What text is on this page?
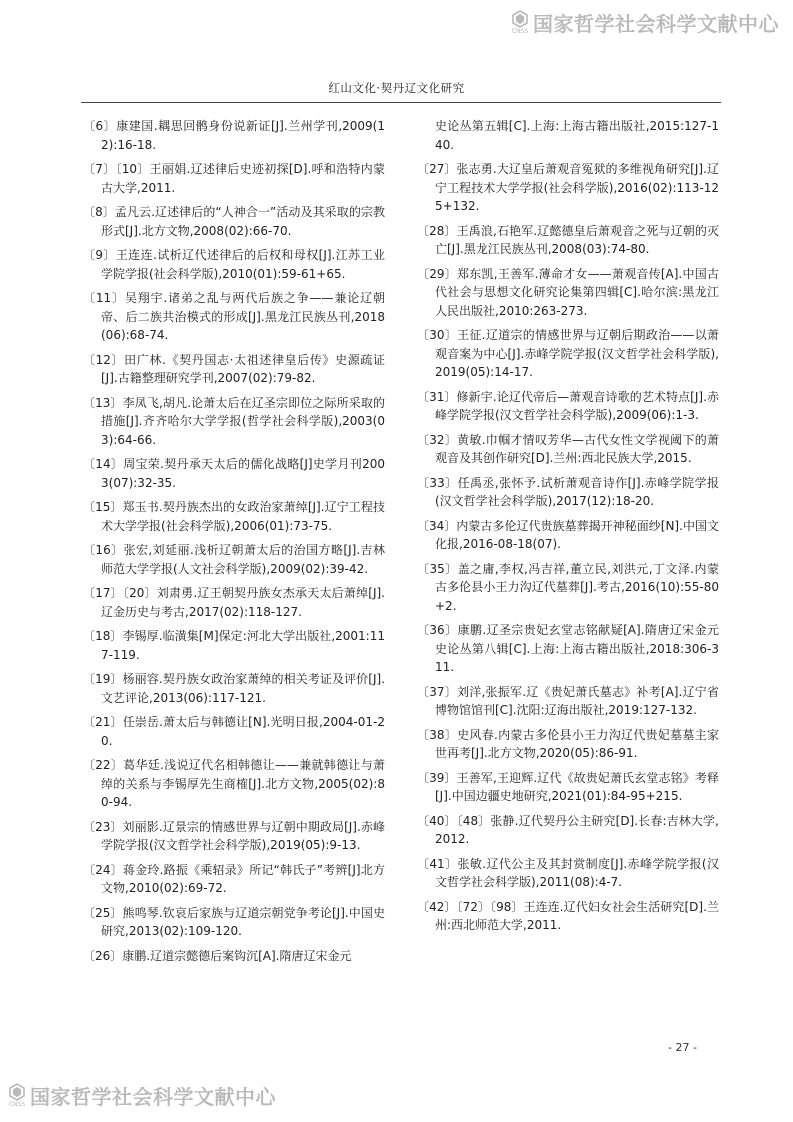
CNSS 国家哲学社会科学文献中心
红山文化·契丹辽文化研究

〔6〕康建国.耦思回鹘身份说新证[J].兰州学刊,2009(12):16-18.

〔7〕〔10〕王丽娟.辽述律后史迹初探[D].呼和浩特内蒙古大学,2011.

〔8〕孟凡云.辽述律后的“人神合一”活动及其采取的宗教形式[J].北方文物,2008(02):66-70.

〔9〕王连连.试析辽代述律后的后权和母权[J].江苏工业学院学报(社会科学版),2010(01):59-61+65.

〔11〕吴翔宇.诸弟之乱与两代后族之争——兼论辽朝帝、后二族共治模式的形成[J].黑龙江民族丛刊,2018(06):68-74.

〔12〕田广林.《契丹国志·太祖述律皇后传》史源疏证[J].古籍整理研究学刊,2007(02):79-82.

〔13〕李凤飞,胡凡.论萧太后在辽圣宗即位之际所采取的措施[J].齐齐哈尔大学学报(哲学社会科学版),2003(03):64-66.

〔14〕周宝荣.契丹承天太后的儒化战略[J]史学月刊2003(07):32-35.

〔15〕郑玉书.契丹族杰出的女政治家萧绰[J].辽宁工程技术大学学报(社会科学版),2006(01):73-75.

〔16〕张宏,刘延丽.浅析辽朝萧太后的治国方略[J].吉林师范大学学报(人文社会科学版),2009(02):39-42.

〔17〕〔20〕刘肃勇.辽王朝契丹族女杰承天太后萧绰[J].辽金历史与考古,2017(02):118-127.

〔18〕李锡厚.临潢集[M]保定:河北大学出版社,2001:117-119.

〔19〕杨丽容.契丹族女政治家萧绰的相关考证及评价[J].文艺评论,2013(06):117-121.

〔21〕任崇岳.萧太后与韩德让[N].光明日报,2004-01-20.

〔22〕葛华廷.浅说辽代名相韩德让——兼就韩德让与萧绰的关系与李锡厚先生商榷[J].北方文物,2005(02):80-94.

〔23〕刘丽影.辽景宗的情感世界与辽朝中期政局[J].赤峰学院学报(汉文哲学社会科学版),2019(05):9-13.

〔24〕蒋金玲.路振《乘轺录》所记“韩氏子”考辨[J]北方文物,2010(02):69-72.

〔25〕熊鸣琴.钦哀后家族与辽道宗朝党争考论[J].中国史研究,2013(02):109-120.

〔26〕康鹏.辽道宗懿德后案钩沉[A].隋唐辽宋金元

史论丛第五辑[C].上海:上海古籍出版社,2015:127-140.

〔27〕张志勇.大辽皇后萧观音冤狱的多维视角研究[J].辽宁工程技术大学学报(社会科学版),2016(02):113-125+132.

〔28〕王禹浪,石艳军.辽懿德皇后萧观音之死与辽朝的灭亡[J].黑龙江民族丛刊,2008(03):74-80.

〔29〕郑东凯,王善军.薄命才女——萧观音传[A].中国古代社会与思想文化研究论集第四辑[C].哈尔滨:黑龙江人民出版社,2010:263-273.

〔30〕王征.辽道宗的情感世界与辽朝后期政治——以萧观音案为中心[J].赤峰学院学报(汉文哲学社会科学版),2019(05):14-17.

〔31〕修新宇.论辽代帝后—萧观音诗歌的艺术特点[J].赤峰学院学报(汉文哲学社会科学版),2009(06):1-3.

〔32〕黄敏.巾帼才情叹芳华—古代女性文学视阈下的萧观音及其创作研究[D].兰州:西北民族大学,2015.

〔33〕任禹丞,张怀予.试析萧观音诗作[J].赤峰学院学报(汉文哲学社会科学版),2017(12):18-20.

〔34〕内蒙古多伦辽代贵族墓葬揭开神秘面纱[N].中国文化报,2016-08-18(07).

〔35〕盖之庸,李权,冯吉祥,董立民,刘洪元,丁文泽.内蒙古多伦县小王力沟辽代墓葬[J].考古,2016(10):55-80+2.

〔36〕康鹏.辽圣宗贵妃玄堂志铭献疑[A].隋唐辽宋金元史论丛第八辑[C].上海:上海古籍出版社,2018:306-311.

〔37〕刘洋,张振军.辽《贵妃萧氏墓志》补考[A].辽宁省博物馆馆刊[C].沈阳:辽海出版社,2019:127-132.

〔38〕史风春.内蒙古多伦县小王力沟辽代贵妃墓墓主家世再考[J].北方文物,2020(05):86-91.

〔39〕王善军,王迎辉.辽代《故贵妃萧氏玄堂志铭》考释[J].中国边疆史地研究,2021(01):84-95+215.

〔40〕〔48〕张静.辽代契丹公主研究[D].长春:吉林大学,2012.

〔41〕张敏.辽代公主及其封赏制度[J].赤峰学院学报(汉文哲学社会科学版),2011(08):4-7.

〔42〕〔72〕〔98〕王连连.辽代妇女社会生活研究[D].兰州:西北师范大学,2011.

- 27 -
CNSS 国家哲学社会科学文献中心
